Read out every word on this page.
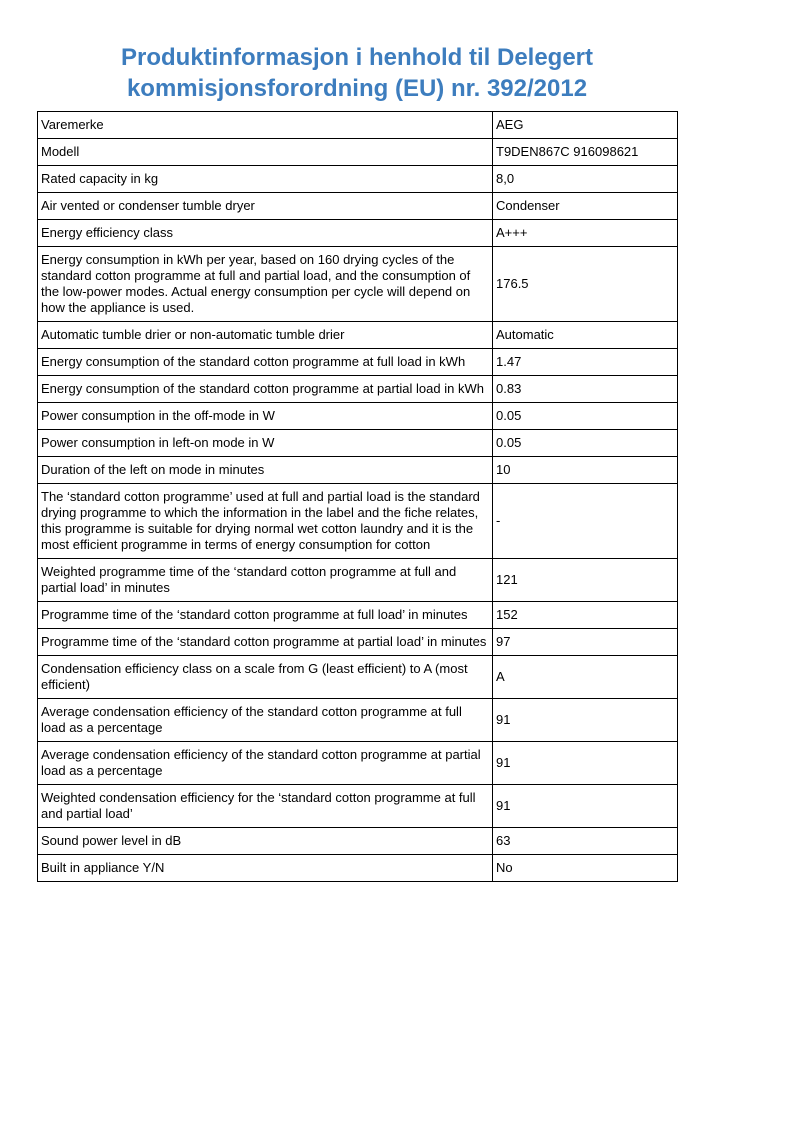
Produktinformasjon i henhold til Delegert
kommisjonsforordning (EU) nr. 392/2012
Varemerke	AEG
Modell	T9DEN867C 916098621
Rated capacity in kg	8,0
Air vented or condenser tumble dryer	Condenser
Energy efficiency class	A+++
Energy consumption in kWh per year, based on 160 drying cycles of the standard cotton programme at full and partial load, and the consumption of the low-power modes. Actual energy consumption per cycle will depend on how the appliance is used.	176.5
Automatic tumble drier or non-automatic tumble drier	Automatic
Energy consumption of the standard cotton programme at full load in kWh	1.47
Energy consumption of the standard cotton programme at partial load in kWh	0.83
Power consumption in the off-mode in W	0.05
Power consumption in left-on mode in W	0.05
Duration of the left on mode in minutes	10
The ‘standard cotton programme’ used at full and partial load is the standard drying programme to which the information in the label and the fiche relates, this programme is suitable for drying normal wet cotton laundry and it is the most efficient programme in terms of energy consumption for cotton	-
Weighted programme time of the ‘standard cotton programme at full and partial load’ in minutes	121
Programme time of the ‘standard cotton programme at full load’ in minutes	152
Programme time of the ‘standard cotton programme at partial load’ in minutes	97
Condensation efficiency class on a scale from G (least efficient) to A (most efficient)	A
Average condensation efficiency of the standard cotton programme at full load as a percentage	91
Average condensation efficiency of the standard cotton programme at partial load as a percentage	91
Weighted condensation efficiency for the ‘standard cotton programme at full and partial load’	91
Sound power level in dB	63
Built in appliance Y/N	No
